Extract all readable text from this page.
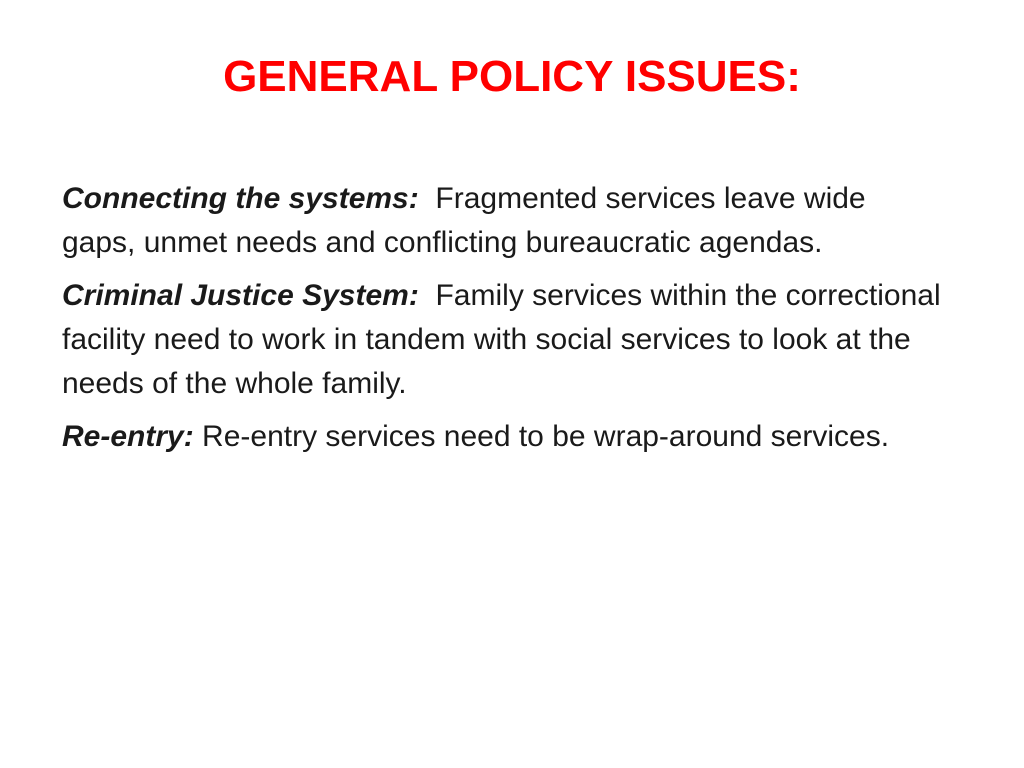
GENERAL POLICY ISSUES:

Connecting the systems: Fragmented services leave wide gaps, unmet needs and conflicting bureaucratic agendas.

Criminal Justice System: Family services within the correctional facility need to work in tandem with social services to look at the needs of the whole family.

Re-entry: Re-entry services need to be wrap-around services.
